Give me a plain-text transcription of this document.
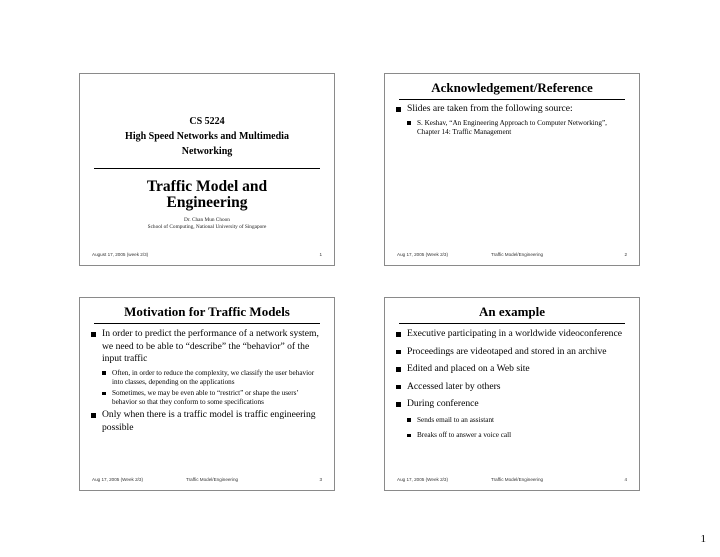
CS 5224
High Speed Networks and Multimedia Networking
Traffic Model and
Engineering
Dr. Chan Mun Choon
School of Computing, National University of Singapore
August 17, 2005 (week 2/3)	1
Acknowledgement/Reference
Slides are taken from the following source:
S. Keshav, “An Engineering Approach to Computer Networking”, Chapter 14: Traffic Management
Aug 17, 2005 (Week 2/3)	Traffic Model/Engineering	2
Motivation for Traffic Models
In order to predict the performance of a network system, we need to be able to “describe” the “behavior” of the input traffic
Often, in order to reduce the complexity, we classify the user behavior into classes, depending on the applications
Sometimes, we may be even able to “restrict” or shape the users’ behavior so that they conform to some specifications
Only when there is a traffic model is traffic engineering possible
Aug 17, 2005 (Week 2/3)	Traffic Model/Engineering	3
An example
Executive participating in a worldwide videoconference
Proceedings are videotaped and stored in an archive
Edited and placed on a Web site
Accessed later by others
During conference
Sends email to an assistant
Breaks off to answer a voice call
Aug 17, 2005 (Week 2/3)	Traffic Model/Engineering	4
1
